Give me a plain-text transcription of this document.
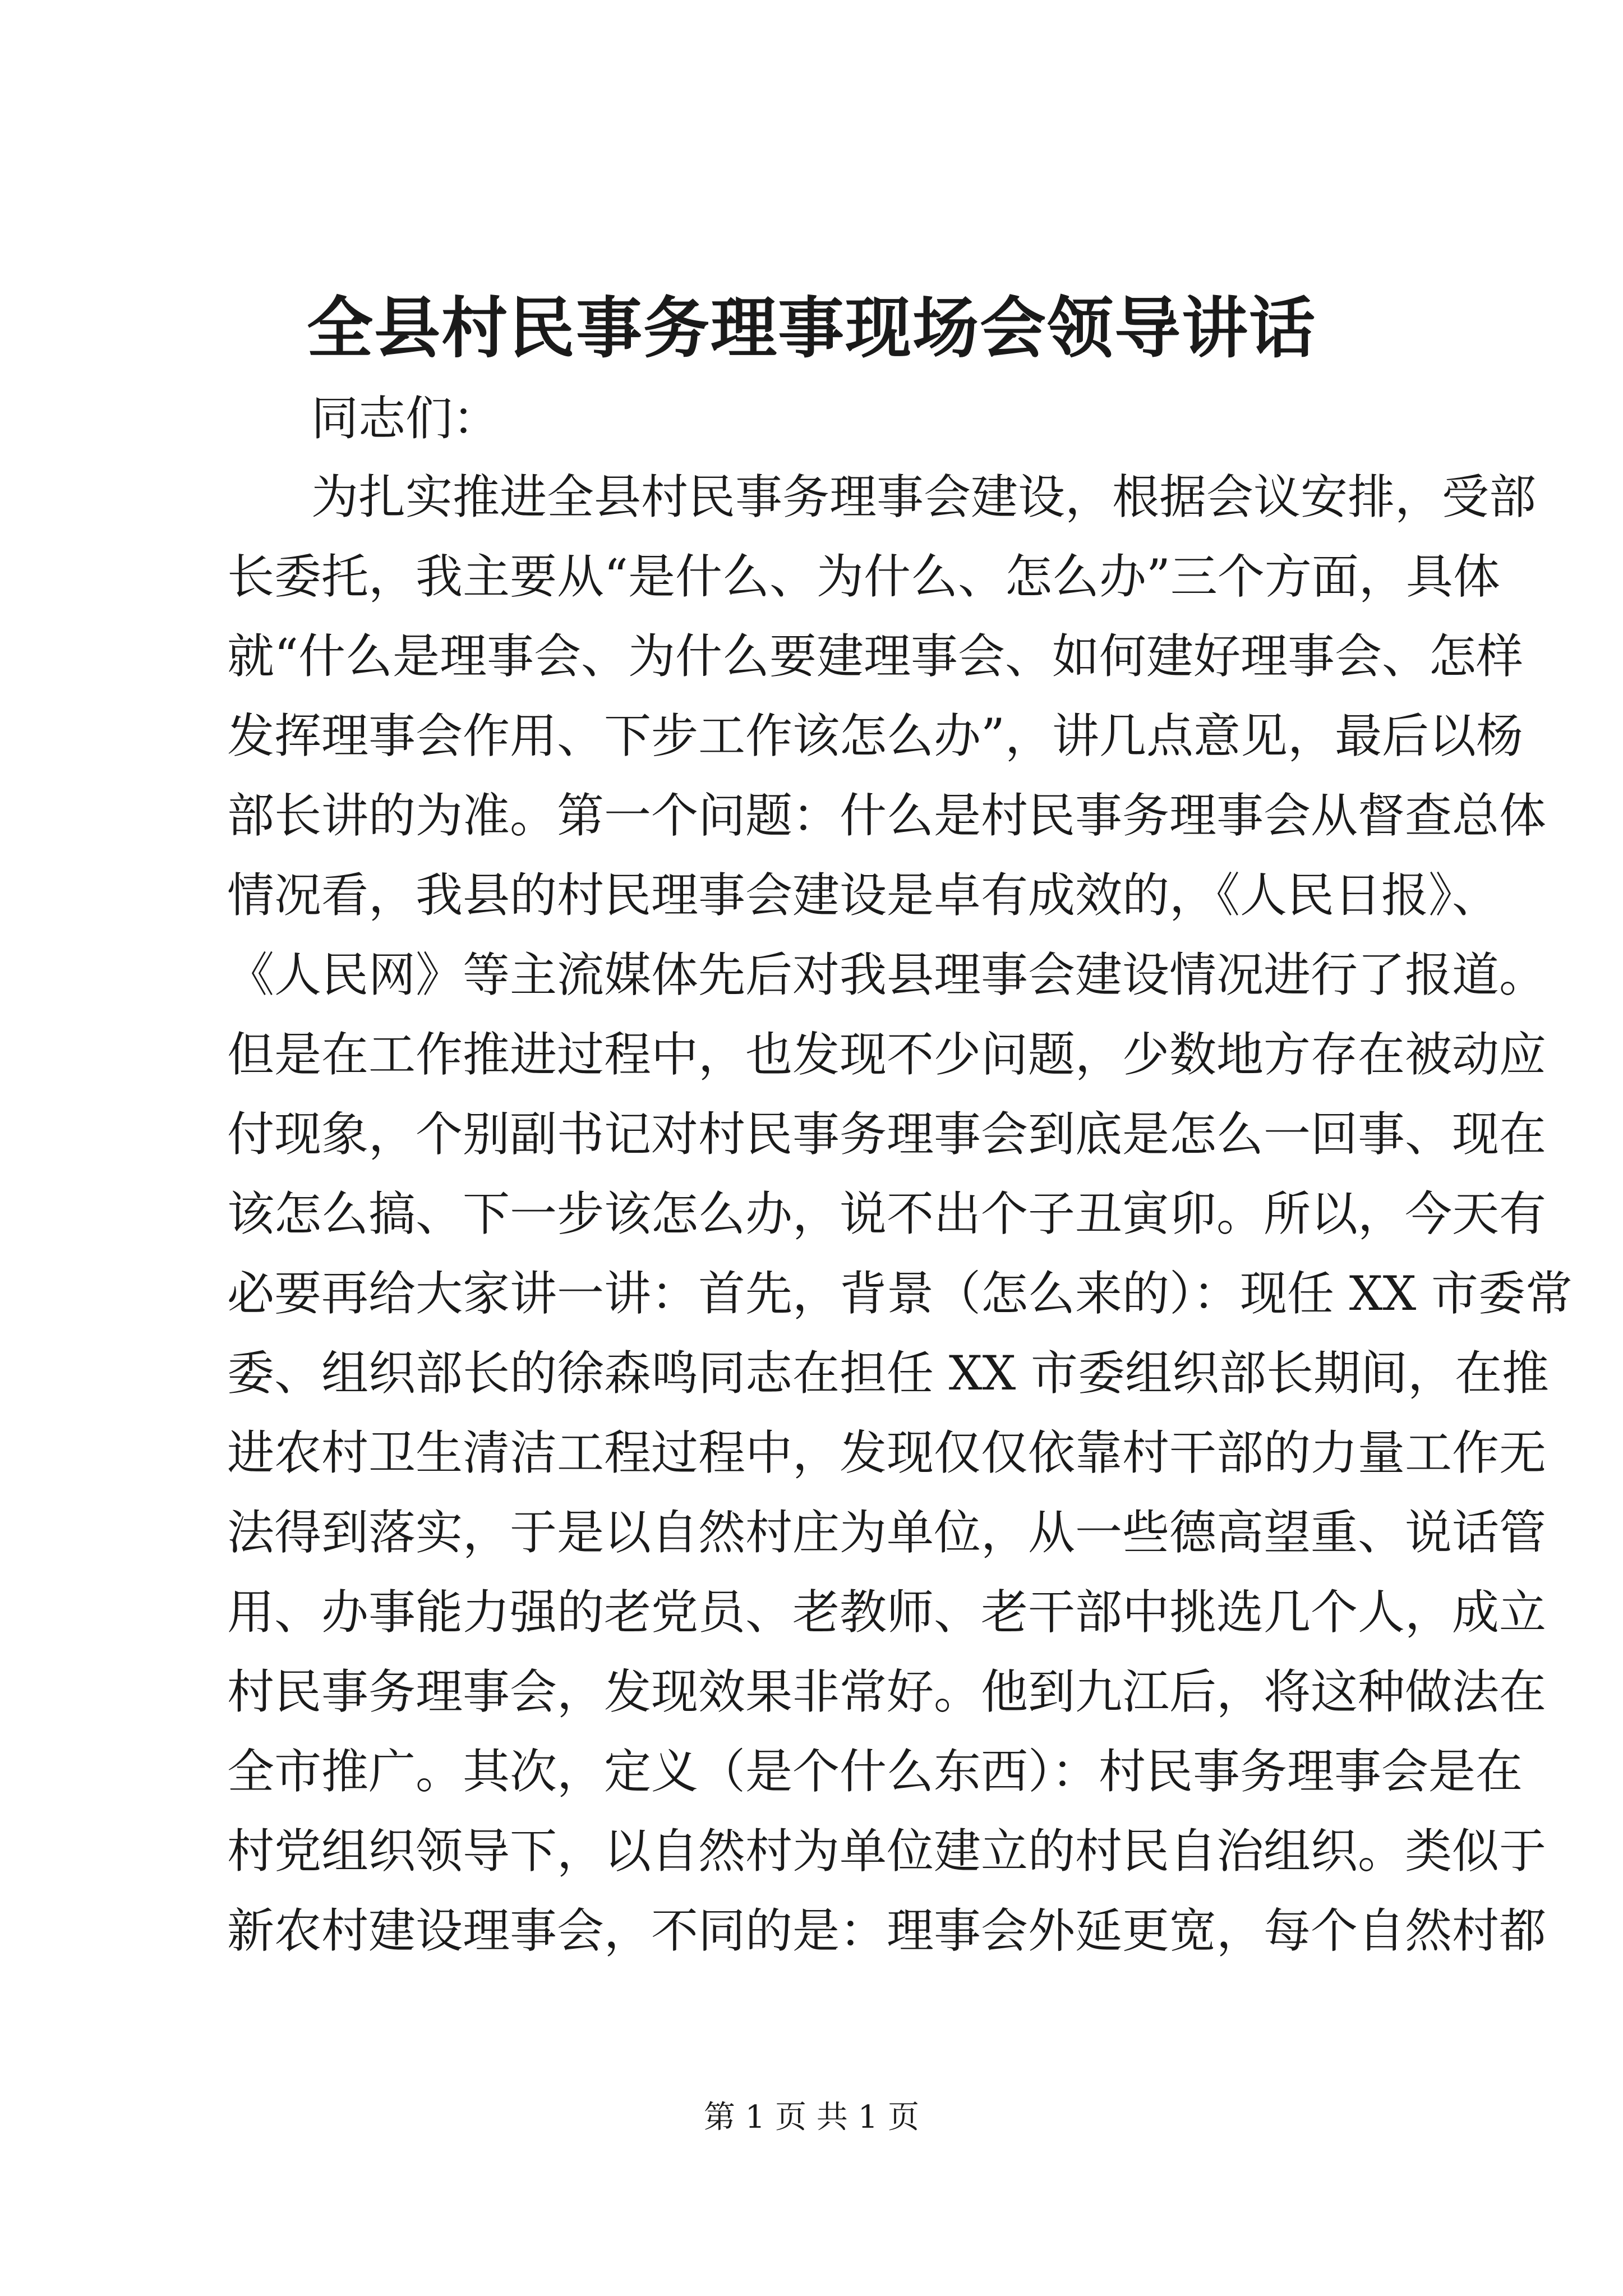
全县村民事务理事现场会领导讲话
同志们：
为扎实推进全县村民事务理事会建设，根据会议安排，受部
长委托，我主要从“是什么、为什么、怎么办”三个方面，具体
就“什么是理事会、为什么要建理事会、如何建好理事会、怎样
发挥理事会作用、下步工作该怎么办”，讲几点意见，最后以杨
部长讲的为准。第一个问题：什么是村民事务理事会从督查总体
情况看，我县的村民理事会建设是卓有成效的，《人民日报》、
《人民网》等主流媒体先后对我县理事会建设情况进行了报道。
但是在工作推进过程中，也发现不少问题，少数地方存在被动应
付现象，个别副书记对村民事务理事会到底是怎么一回事、现在
该怎么搞、下一步该怎么办，说不出个子丑寅卯。所以，今天有
必要再给大家讲一讲：首先，背景（怎么来的）：现任 XX 市委常
委、组织部长的徐森鸣同志在担任 XX 市委组织部长期间，在推
进农村卫生清洁工程过程中，发现仅仅依靠村干部的力量工作无
法得到落实，于是以自然村庄为单位，从一些德高望重、说话管
用、办事能力强的老党员、老教师、老干部中挑选几个人，成立
村民事务理事会，发现效果非常好。他到九江后，将这种做法在
全市推广。其次，定义（是个什么东西）：村民事务理事会是在
村党组织领导下，以自然村为单位建立的村民自治组织。类似于
新农村建设理事会，不同的是：理事会外延更宽，每个自然村都
第 1 页 共 1 页
